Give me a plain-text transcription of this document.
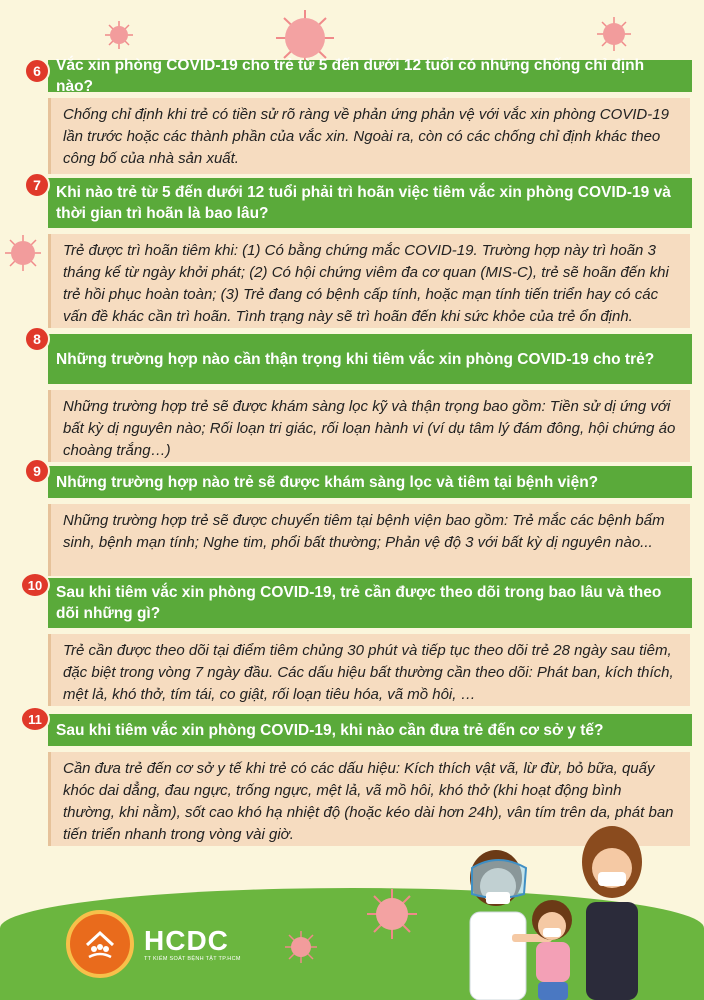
6 Vắc xin phòng COVID-19 cho trẻ từ 5 đến dưới 12 tuổi có những chống chỉ định nào?
Chống chỉ định khi trẻ có tiền sử rõ ràng về phản ứng phản vệ với vắc xin phòng COVID-19 lần trước hoặc các thành phần của vắc xin. Ngoài ra, còn có các chống chỉ định khác theo công bố của nhà sản xuất.
7 Khi nào trẻ từ 5 đến dưới 12 tuổi phải trì hoãn việc tiêm vắc xin phòng COVID-19 và thời gian trì hoãn là bao lâu?
Trẻ được trì hoãn tiêm khi: (1) Có bằng chứng mắc COVID-19. Trường hợp này trì hoãn 3 tháng kể từ ngày khởi phát; (2) Có hội chứng viêm đa cơ quan (MIS-C), trẻ sẽ hoãn đến khi trẻ hồi phục hoàn toàn; (3) Trẻ đang có bệnh cấp tính, hoặc mạn tính tiến triển hay có các vấn đề khác cần trì hoãn. Tình trạng này sẽ trì hoãn đến khi sức khỏe của trẻ ổn định.
8
Những trường hợp nào cần thận trọng khi tiêm vắc xin phòng COVID-19 cho trẻ?
Những trường hợp trẻ sẽ được khám sàng lọc kỹ và thận trọng bao gồm: Tiền sử dị ứng với bất kỳ dị nguyên nào; Rối loạn tri giác, rối loạn hành vi (ví dụ tâm lý đám đông, hội chứng áo choàng trắng…)
9
Những trường hợp nào trẻ sẽ được khám sàng lọc và tiêm tại bệnh viện?
Những trường hợp trẻ sẽ được chuyển tiêm tại bệnh viện bao gồm: Trẻ mắc các bệnh bẩm sinh, bệnh mạn tính; Nghe tim, phổi bất thường; Phản vệ độ 3 với bất kỳ dị nguyên nào...
10 Sau khi tiêm vắc xin phòng COVID-19, trẻ cần được theo dõi trong bao lâu và theo dõi những gì?
Trẻ cần được theo dõi tại điểm tiêm chủng 30 phút và tiếp tục theo dõi trẻ 28 ngày sau tiêm, đặc biệt trong vòng 7 ngày đầu. Các dấu hiệu bất thường cần theo dõi: Phát ban, kích thích, mệt lả, khó thở, tím tái, co giật, rối loạn tiêu hóa, vã mồ hôi, …
11
Sau khi tiêm vắc xin phòng COVID-19, khi nào cần đưa trẻ đến cơ sở y tế?
Cần đưa trẻ đến cơ sở y tế khi trẻ có các dấu hiệu: Kích thích vật vã, lừ đừ, bỏ bữa, quấy khóc dai dẳng, đau ngực, trống ngực, mệt lả, vã mồ hôi, khó thở (khi hoạt động bình thường, khi nằm), sốt cao khó hạ nhiệt độ (hoặc kéo dài hơn 24h), vân tím trên da, phát ban tiến triển nhanh trong vòng vài giờ.
HCDC
TT KIỂM SOÁT BỆNH TẬT TP.HCM
